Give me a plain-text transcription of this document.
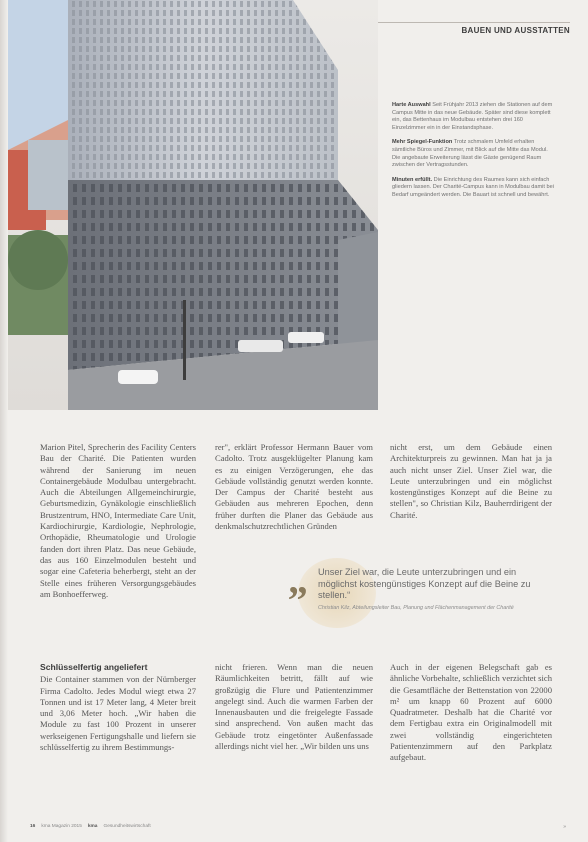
BAUEN UND AUSSTATTEN
Harte Auswahl Seit Frühjahr 2013 ziehen die Stationen auf dem Campus Mitte in das neue Gebäude. Später sind diese komplett ein, das Bettenhaus im Modulbau entstehen drei 160 Einzelzimmer ein in der Einstandsphase.
Mehr Spiegel-Funktion Trotz schmalem Umfeld erhalten sämtliche Büros und Zimmer, mit Blick auf die Mitte das Modul. Die angebaute Erweiterung lässt die Gäste genügend Raum zwischen der Vertragsstunden.
Minuten erfüllt. Die Einrichtung des Raumes kann sich einfach gliedern lassen. Der Charité-Campus kann in Modulbau damit bei Bedarf umgeändert werden. Die Bauart ist schnell und bewährt.

Marion Pitel, Sprecherin des Facility Centers Bau der Charité. Die Patienten wurden während der Sanierung im neuen Containergebäude Modulbau untergebracht. Auch die Abteilungen Allgemeinchirurgie, Geburtsmedizin, Gynäkologie einschließlich Brustzentrum, HNO, Intermediate Care Unit, Kardiochirurgie, Kardiologie, Nephrologie, Orthopädie, Rheumatologie und Urologie fanden dort ihren Platz. Das neue Gebäude, das aus 160 Einzelmodulen besteht und sogar eine Cafeteria beherbergt, steht an der Stelle eines früheren Versorgungsgebäudes am Bonhoefferweg.

rer", erklärt Professor Hermann Bauer vom Cadolto. Trotz ausgeklügelter Planung kam es zu einigen Verzögerungen, ehe das Gebäude vollständig genutzt werden konnte. Der Campus der Charité besteht aus Gebäuden aus mehreren Epochen, denn früher durften die Planer das Gebäude aus denkmalschutzrechtlichen Gründen

nicht erst, um dem Gebäude einen Architekturpreis zu gewinnen. Man hat ja ja auch nicht unser Ziel. Unser Ziel war, die Leute unterzubringen und ein möglichst kostengünstiges Konzept auf die Beine zu stellen", so Christian Kilz, Bauherrdirigent der Charité.

„ Unser Ziel war, die Leute unterzubringen und ein möglichst kostengünstiges Konzept auf die Beine zu stellen.“
Christian Kilz, Abteilungsleiter Bau, Planung und Flächenmanagement der Charité

Schlüsselfertig angeliefert

Die Container stammen von der Nürnberger Firma Cadolto. Jedes Modul wiegt etwa 27 Tonnen und ist 17 Meter lang, 4 Meter breit und 3,06 Meter hoch. „Wir haben die Module zu fast 100 Prozent in unserer werkseigenen Fertigungshalle und liefern sie schlüsselfertig zu ihrem Bestimmungs-

nicht frieren. Wenn man die neuen Räumlichkeiten betritt, fällt auf wie großzügig die Flure und Patientenzimmer angelegt sind. Auch die warmen Farben der Innenausbauten und die freigelegte Fassade sind ansprechend. Von außen macht das Gebäude trotz eingetönter Außenfassade allerdings nicht viel her. „Wir bilden uns uns

Auch in der eigenen Belegschaft gab es ähnliche Vorbehalte, schließlich verzichtet sich die Gesamtfläche der Bettenstation von 22000 m² um knapp 60 Prozent auf 6000 Quadratmeter. Deshalb hat die Charité vor dem Fertigbau extra ein Originalmodell mit zwei vollständig eingerichteten Patientenzimmern auf den Parkplatz aufgebaut.

16 kma Magazin 2015 kma Gesundheitswirtschaft	»
